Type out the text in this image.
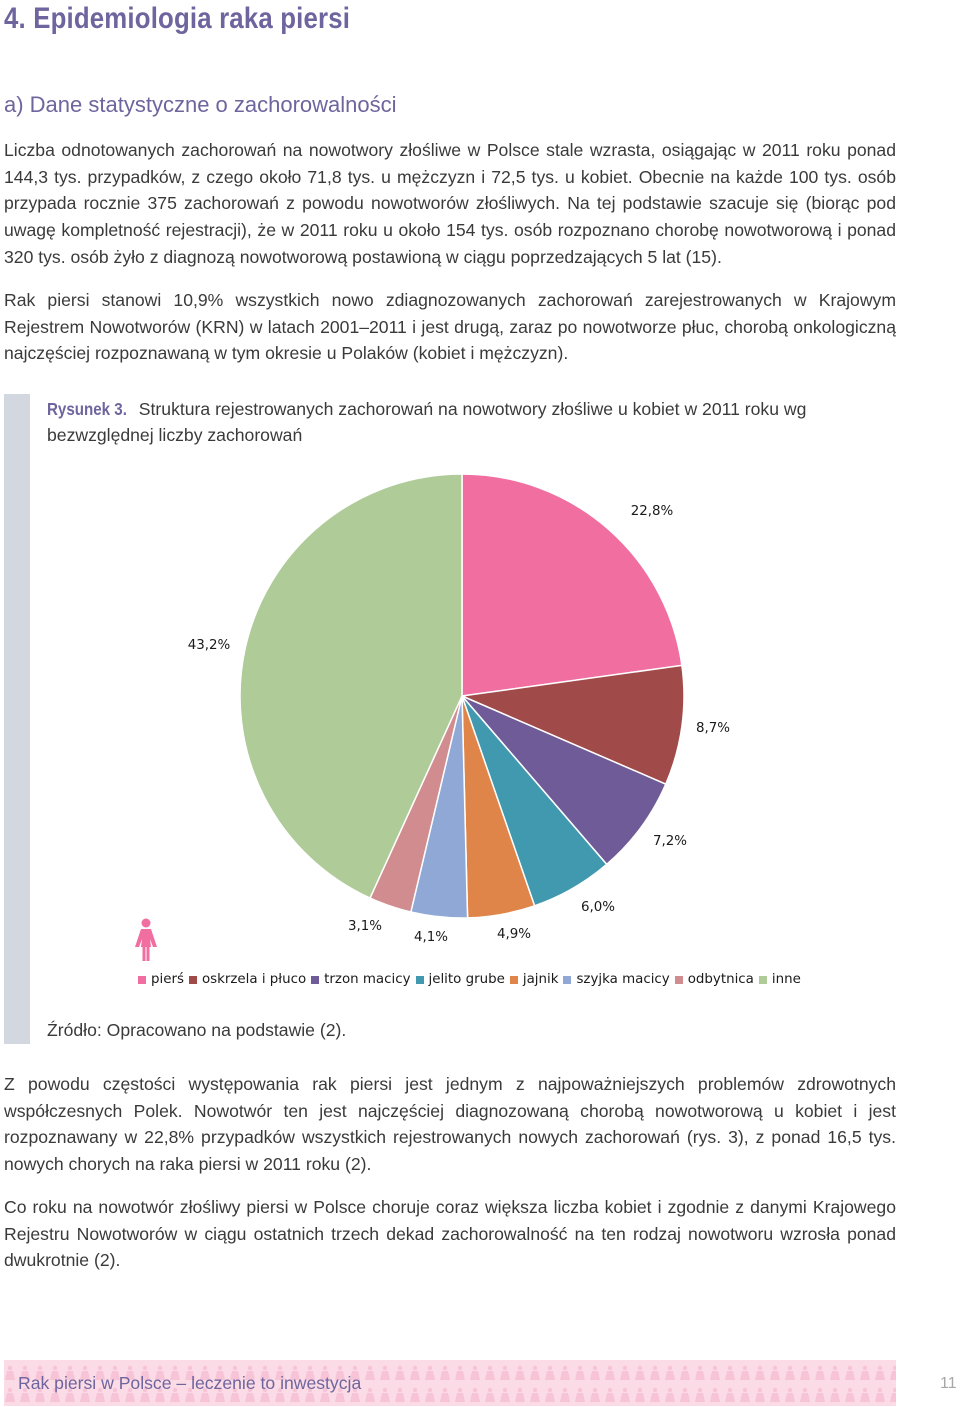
4. Epidemiologia raka piersi
a) Dane statystyczne o zachorowalności

Liczba odnotowanych zachorowań na nowotwory złośliwe w Polsce stale wzrasta, osiągając w 2011 roku ponad 144,3 tys. przypadków, z czego około 71,8 tys. u mężczyzn i 72,5 tys. u kobiet. Obecnie na każde 100 tys. osób przypada rocznie 375 zachorowań z powodu nowotworów złośliwych. Na tej podstawie szacuje się (biorąc pod uwagę kompletność rejestracji), że w 2011 roku u około 154 tys. osób rozpoznano chorobę nowotworową i ponad 320 tys. osób żyło z diagnozą nowotworową postawioną w ciągu poprzedzających 5 lat (15).

Rak piersi stanowi 10,9% wszystkich nowo zdiagnozowanych zachorowań zarejestrowanych w Krajowym Rejestrem Nowotworów (KRN) w latach 2001–2011 i jest drugą, zaraz po nowotworze płuc, chorobą onkologiczną najczęściej rozpoznawaną w tym okresie u Polaków (kobiet i mężczyzn).

Rysunek 3. Struktura rejestrowanych zachorowań na nowotwory złośliwe u kobiet w 2011 roku wg bezwzględnej liczby zachorowań
22,8%
8,7%
7,2%
6,0%
4,9%
4,1%
3,1%
43,2%
pierś oskrzela i płuco trzon macicy jelito grube jajnik szyjka macicy odbytnica inne
Źródło: Opracowano na podstawie (2).

Z powodu częstości występowania rak piersi jest jednym z najpoważniejszych problemów zdrowotnych współczesnych Polek. Nowotwór ten jest najczęściej diagnozowaną chorobą nowotworową u kobiet i jest rozpoznawany w 22,8% przypadków wszystkich rejestrowanych nowych zachorowań (rys. 3), z ponad 16,5 tys. nowych chorych na raka piersi w 2011 roku (2).

Co roku na nowotwór złośliwy piersi w Polsce choruje coraz większa liczba kobiet i zgodnie z danymi Krajowego Rejestru Nowotworów w ciągu ostatnich trzech dekad zachorowalność na ten rodzaj nowotworu wzrosła ponad dwukrotnie (2).

Rak piersi w Polsce – leczenie to inwestycja	11
